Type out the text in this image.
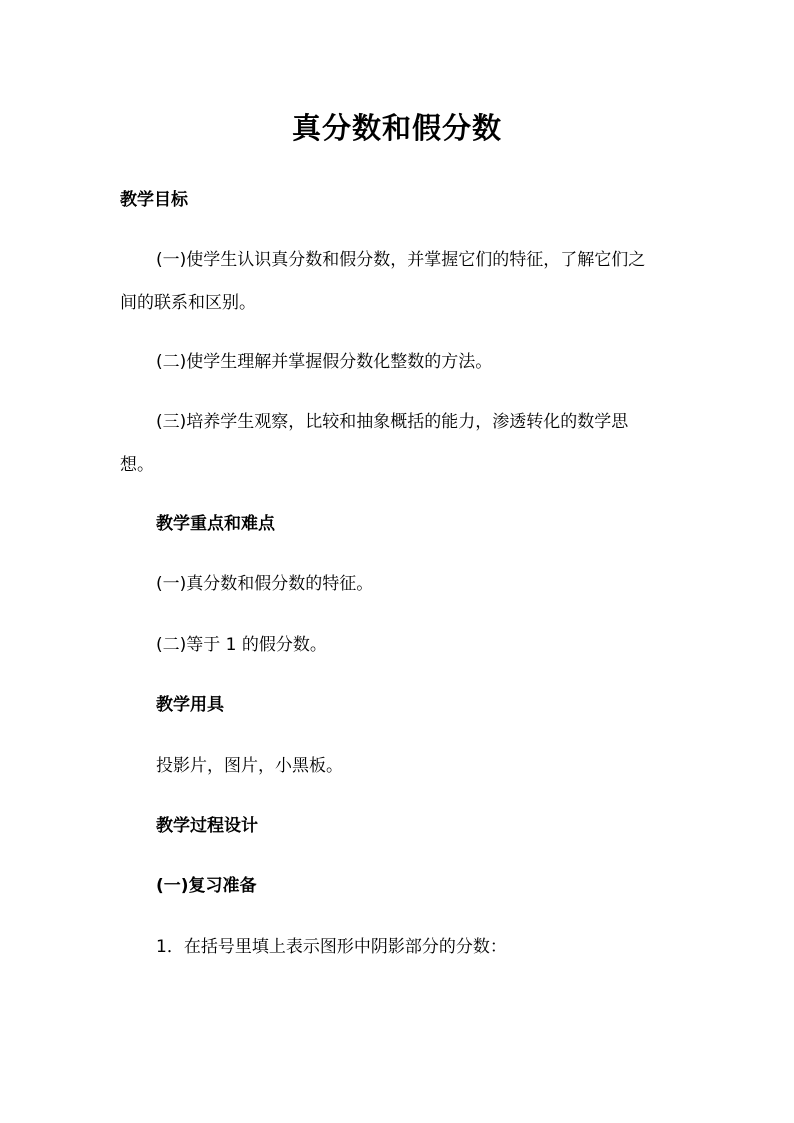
真分数和假分数
教学目标
(一)使学生认识真分数和假分数，并掌握它们的特征，了解它们之
间的联系和区别。
(二)使学生理解并掌握假分数化整数的方法。
(三)培养学生观察，比较和抽象概括的能力，渗透转化的数学思
想。
教学重点和难点
(一)真分数和假分数的特征。
(二)等于 1 的假分数。
教学用具
投影片，图片，小黑板。
教学过程设计
(一)复习准备
1．在括号里填上表示图形中阴影部分的分数：
